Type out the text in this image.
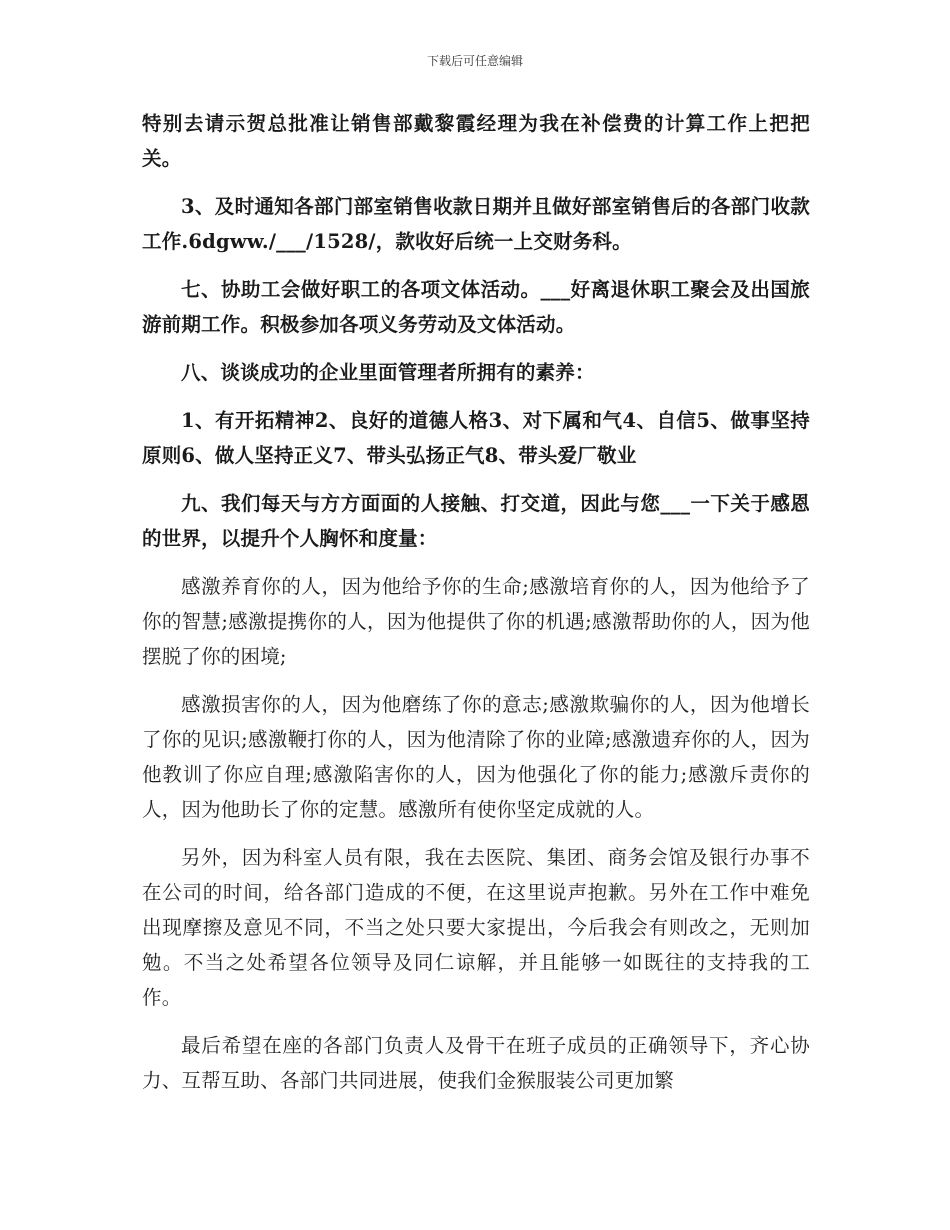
下载后可任意编辑

特别去请示贺总批准让销售部戴黎霞经理为我在补偿费的计算工作上把把关。

3、及时通知各部门部室销售收款日期并且做好部室销售后的各部门收款工作.6dgww./___/1528/，款收好后统一上交财务科。

七、协助工会做好职工的各项文体活动。___好离退休职工聚会及出国旅游前期工作。积极参加各项义务劳动及文体活动。

八、谈谈成功的企业里面管理者所拥有的素养：

1、有开拓精神2、良好的道德人格3、对下属和气4、自信5、做事坚持原则6、做人坚持正义7、带头弘扬正气8、带头爱厂敬业

九、我们每天与方方面面的人接触、打交道，因此与您___一下关于感恩的世界，以提升个人胸怀和度量：

感激养育你的人，因为他给予你的生命;感激培育你的人，因为他给予了你的智慧;感激提携你的人，因为他提供了你的机遇;感激帮助你的人，因为他摆脱了你的困境;

感激损害你的人，因为他磨练了你的意志;感激欺骗你的人，因为他增长了你的见识;感激鞭打你的人，因为他清除了你的业障;感激遗弃你的人，因为他教训了你应自理;感激陷害你的人，因为他强化了你的能力;感激斥责你的人，因为他助长了你的定慧。感激所有使你坚定成就的人。

另外，因为科室人员有限，我在去医院、集团、商务会馆及银行办事不在公司的时间，给各部门造成的不便，在这里说声抱歉。另外在工作中难免出现摩擦及意见不同，不当之处只要大家提出，今后我会有则改之，无则加勉。不当之处希望各位领导及同仁谅解，并且能够一如既往的支持我的工作。

最后希望在座的各部门负责人及骨干在班子成员的正确领导下，齐心协力、互帮互助、各部门共同进展，使我们金猴服装公司更加繁
